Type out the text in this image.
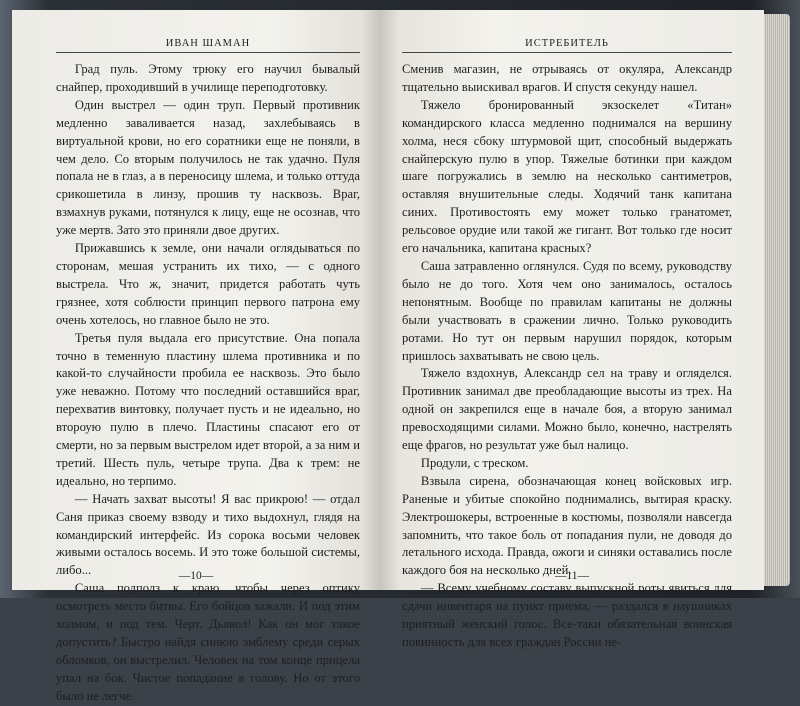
ИВАН ШАМАН

Град пуль. Этому трюку его научил бывалый снайпер, проходивший в училище переподготовку.

Один выстрел — один труп. Первый противник медленно заваливается назад, захлебываясь в виртуальной крови, но его соратники еще не поняли, в чем дело. Со вторым получилось не так удачно. Пуля попала не в глаз, а в переносицу шлема, и только оттуда срикошетила в линзу, прошив ту насквозь. Враг, взмахнув руками, потянулся к лицу, еще не осознав, что уже мертв. Зато это приняли двое других.

Прижавшись к земле, они начали оглядываться по сторонам, мешая устранить их тихо, — с одного выстрела. Что ж, значит, придется работать чуть грязнее, хотя соблюсти принцип первого патрона ему очень хотелось, но главное было не это.

Третья пуля выдала его присутствие. Она попала точно в теменную пластину шлема противника и по какой-то случайности пробила ее насквозь. Это было уже неважно. Потому что последний оставшийся враг, перехватив винтовку, получает пусть и не идеально, но второую пулю в плечо. Пластины спасают его от смерти, но за первым выстрелом идет второй, а за ним и третий. Шесть пуль, четыре трупа. Два к трем: не идеально, но терпимо.

— Начать захват высоты! Я вас прикрою! — отдал Саня приказ своему взводу и тихо выдохнул, глядя на командирский интерфейс. Из сорока восьми человек живыми осталось восемь. И это тоже большой системы, либо...

Саша подполз к краю, чтобы через оптику осмотреть место битвы. Его бойцов зажали. И под этим холмом, и под тем. Черт. Дьявол! Как он мог такое допустить? Быстро найдя синюю эмблему среди серых обломков, он выстрелил. Человек на том конце прицела упал на бок. Чистое попадание в голову. Но от этого было не легче.

—10—
ИСТРЕБИТЕЛЬ

Сменив магазин, не отрываясь от окуляра, Александр тщательно выискивал врагов. И спустя секунду нашел.

Тяжело бронированный экзоскелет «Титан» командирского класса медленно поднимался на вершину холма, неся сбоку штурмовой щит, способный выдержать снайперскую пулю в упор. Тяжелые ботинки при каждом шаге погружались в землю на несколько сантиметров, оставляя внушительные следы. Ходячий танк капитана синих. Противостоять ему может только гранатомет, рельсовое орудие или такой же гигант. Вот только где носит его начальника, капитана красных?

Саша затравленно оглянулся. Судя по всему, руководству было не до того. Хотя чем оно занималось, осталось непонятным. Вообще по правилам капитаны не должны были участвовать в сражении лично. Только руководить ротами. Но тут он первым нарушил порядок, которым пришлось захватывать не свою цель.

Тяжело вздохнув, Александр сел на траву и огляделся. Противник занимал две преобладающие высоты из трех. На одной он закрепился еще в начале боя, а вторую занимал превосходящими силами. Можно было, конечно, настрелять еще фрагов, но результат уже был налицо.

Продули, с треском.

Взвыла сирена, обозначающая конец войсковых игр. Раненые и убитые спокойно поднимались, вытирая краску. Электрошокеры, встроенные в костюмы, позволяли навсегда запомнить, что такое боль от попадания пули, не доводя до летального исхода. Правда, ожоги и синяки оставались после каждого боя на несколько дней.

— Всему учебному составу выпускной роты явиться для сдачи инвентаря на пункт приема, — раздался в наушниках приятный женский голос. Все-таки обязательная воинская повинность для всех граждан России не-

—11—
